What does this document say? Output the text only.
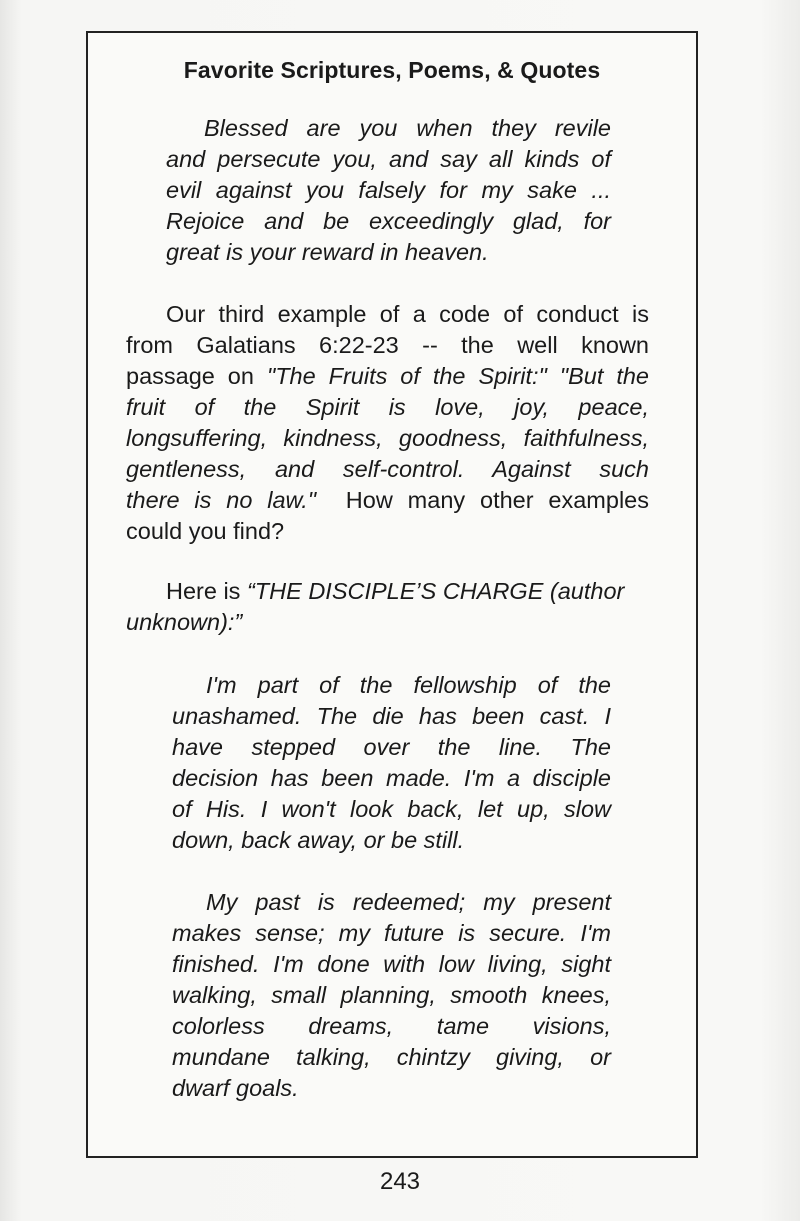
Favorite Scriptures, Poems, & Quotes
Blessed are you when they revile
and persecute you, and say all kinds of
evil against you falsely for my sake ...
Rejoice and be exceedingly glad, for
great is your reward in heaven.
Our third example of a code of conduct is
from Galatians 6:22-23 -- the well known
passage on "The Fruits of the Spirit:" "But the
fruit of the Spirit is love, joy, peace,
longsuffering, kindness, goodness, faithfulness,
gentleness, and self-control. Against such
there is no law."  How many other examples
could you find?
Here is “THE DISCIPLE’S CHARGE (author
unknown):”
I'm part of the fellowship of the
unashamed. The die has been cast. I
have stepped over the line. The
decision has been made. I'm a disciple
of His. I won't look back, let up, slow
down, back away, or be still.
My past is redeemed; my present
makes sense; my future is secure. I'm
finished. I'm done with low living, sight
walking, small planning, smooth knees,
colorless dreams, tame visions,
mundane talking, chintzy giving, or
dwarf goals.
243
